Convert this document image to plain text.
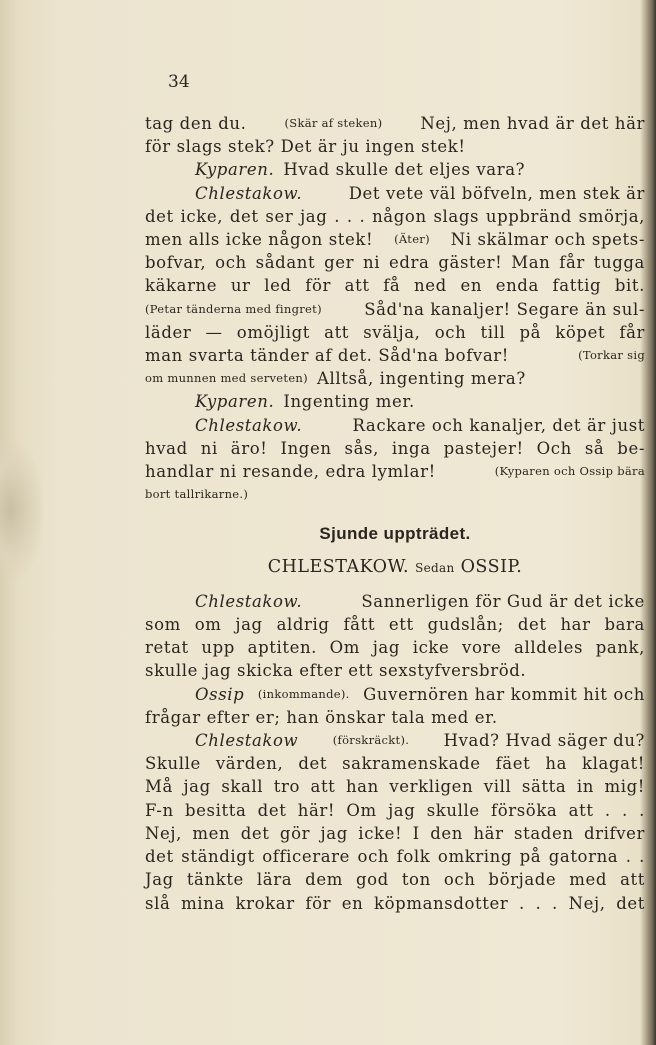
34
tag den du.	(Skär af steken) Nej, men hvad är det här
för slags stek? Det är ju ingen stek!
Kyparen. Hvad skulle det eljes vara?
Chlestakow.	Det vete väl böfveln, men stek är
det icke, det ser jag . . . någon slags uppbränd smörja,
men alls icke någon stek! (Äter) Ni skälmar och spets-
bofvar, och sådant ger ni edra gäster! Man får tugga
käkarne ur led för att få ned en enda fattig bit.
(Petar tänderna med fingret)	Såd'na kanaljer! Segare än sul-
läder — omöjligt att svälja, och till på köpet får
man svarta tänder af det. Såd'na bofvar!	(Torkar sig
om munnen med serveten) Alltså, ingenting mera?
Kyparen. Ingenting mer.
Chlestakow.	Rackare och kanaljer, det är just
hvad ni äro! Ingen sås, inga pastejer! Och så be-
handlar ni resande, edra lymlar!	(Kyparen och Ossip bära
bort tallrikarne.)
Sjunde uppträdet.
CHLESTAKOW. Sedan OSSIP.
Chlestakow.	Sannerligen för Gud är det icke
som om jag aldrig fått ett gudslån; det har bara
retat upp aptiten. Om jag icke vore alldeles pank,
skulle jag skicka efter ett sexstyfversbröd.
Ossip (inkommande). Guvernören har kommit hit och
frågar efter er; han önskar tala med er.
Chlestakow	(förskräckt). Hvad? Hvad säger du?
Skulle värden, det sakramenskade fäet ha klagat!
Må jag skall tro att han verkligen vill sätta in mig!
F-n besitta det här! Om jag skulle försöka att . . .
Nej, men det gör jag icke! I den här staden drifver
det ständigt officerare och folk omkring på gatorna . .
Jag tänkte lära dem god ton och började med att
slå mina krokar för en köpmansdotter . . . Nej, det
